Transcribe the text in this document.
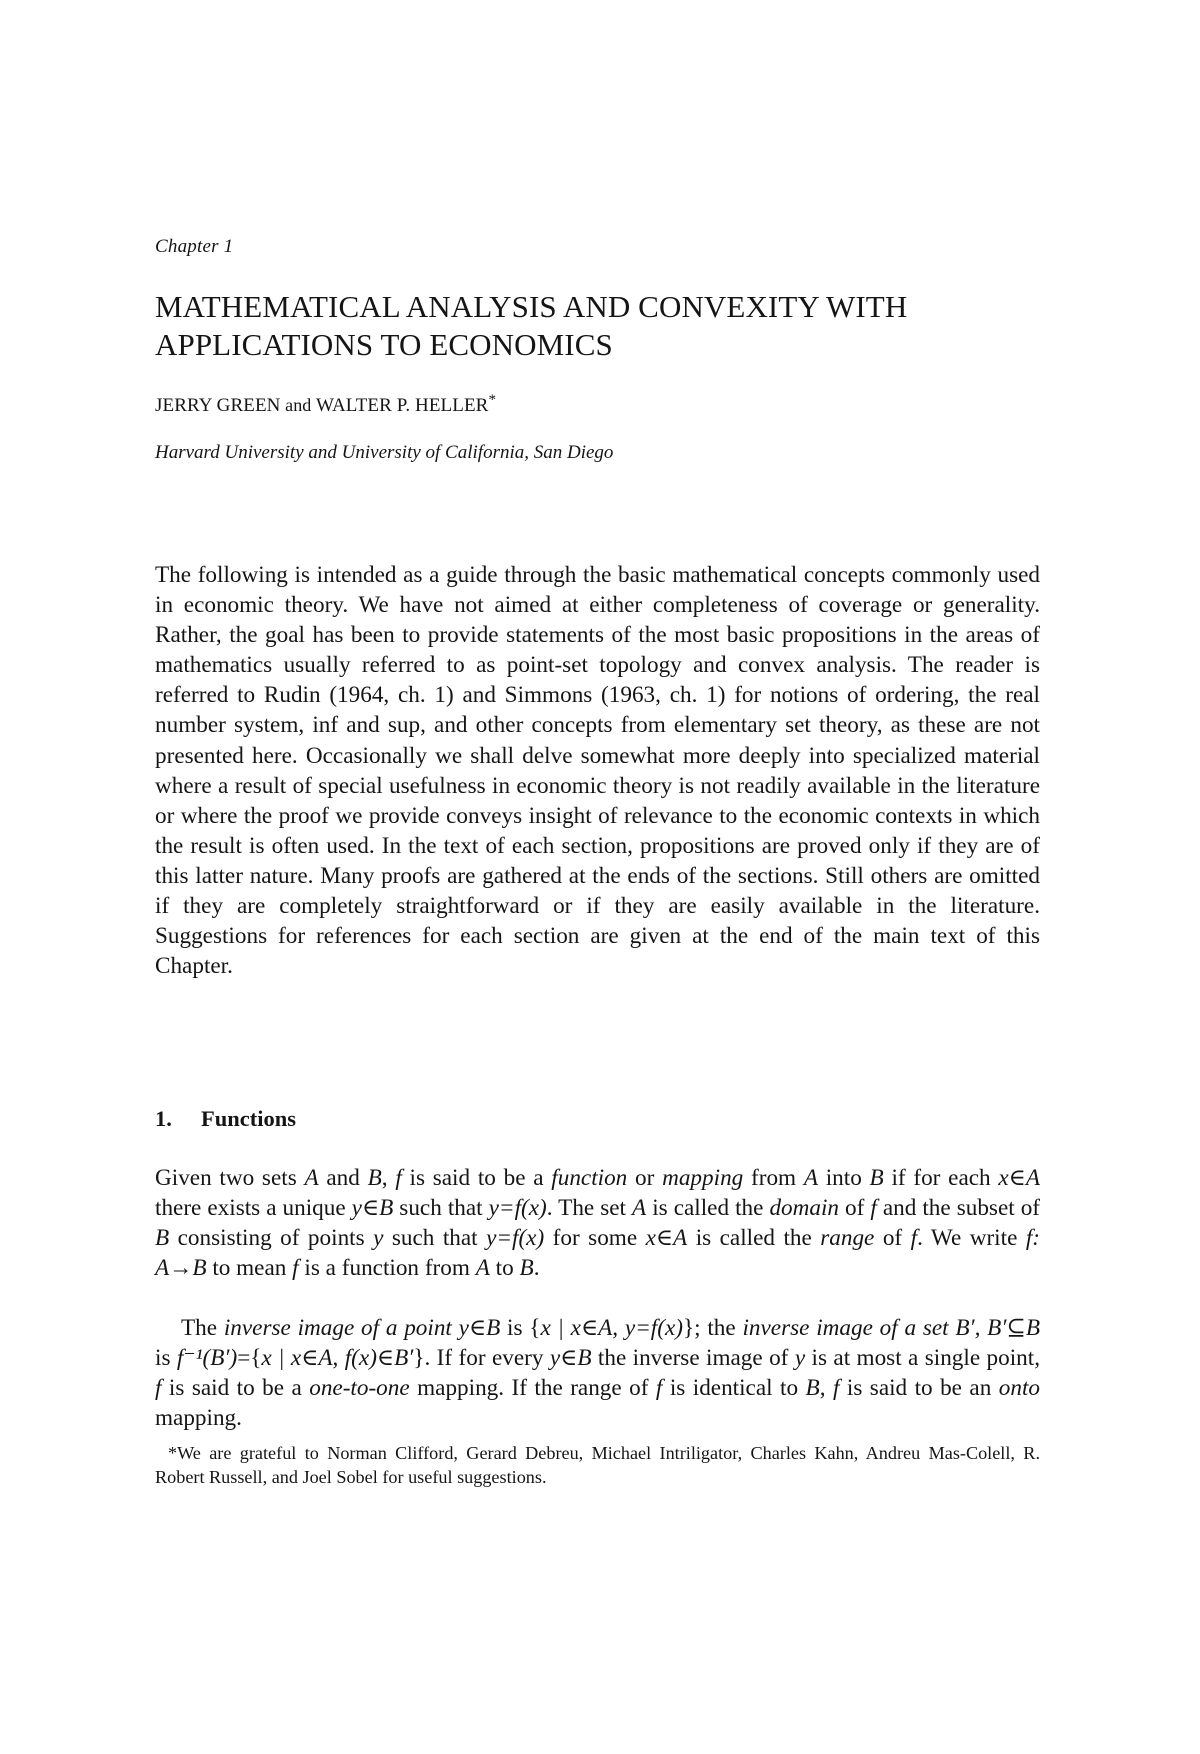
Chapter 1
MATHEMATICAL ANALYSIS AND CONVEXITY WITH
APPLICATIONS TO ECONOMICS
JERRY GREEN and WALTER P. HELLER*
Harvard University and University of California, San Diego

The following is intended as a guide through the basic mathematical concepts commonly used in economic theory. We have not aimed at either completeness of coverage or generality. Rather, the goal has been to provide statements of the most basic propositions in the areas of mathematics usually referred to as point-set topology and convex analysis. The reader is referred to Rudin (1964, ch. 1) and Simmons (1963, ch. 1) for notions of ordering, the real number system, inf and sup, and other concepts from elementary set theory, as these are not presented here. Occasionally we shall delve somewhat more deeply into specialized material where a result of special usefulness in economic theory is not readily available in the literature or where the proof we provide conveys insight of relevance to the economic contexts in which the result is often used. In the text of each section, propositions are proved only if they are of this latter nature. Many proofs are gathered at the ends of the sections. Still others are omitted if they are completely straightforward or if they are easily available in the literature. Suggestions for references for each section are given at the end of the main text of this Chapter.

1. Functions

Given two sets A and B, f is said to be a function or mapping from A into B if for each x∈A there exists a unique y∈B such that y=f(x). The set A is called the domain of f and the subset of B consisting of points y such that y=f(x) for some x∈A is called the range of f. We write f: A→B to mean f is a function from A to B.

The inverse image of a point y∈B is {x | x∈A, y=f(x)}; the inverse image of a set B′, B′⊆B is f⁻¹(B′)={x | x∈A, f(x)∈B′}. If for every y∈B the inverse image of y is at most a single point, f is said to be a one-to-one mapping. If the range of f is identical to B, f is said to be an onto mapping.

*We are grateful to Norman Clifford, Gerard Debreu, Michael Intriligator, Charles Kahn, Andreu Mas-Colell, R. Robert Russell, and Joel Sobel for useful suggestions.
